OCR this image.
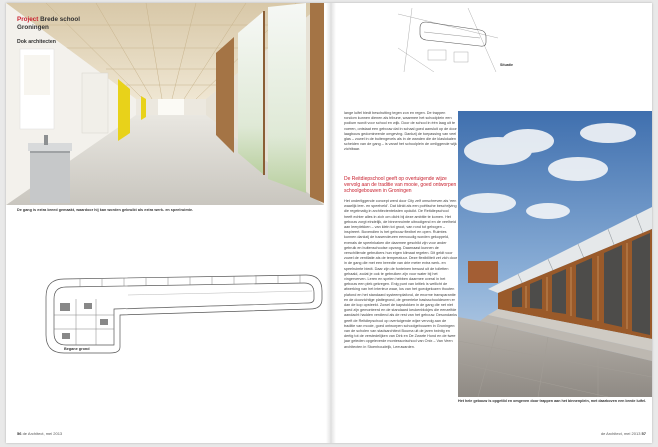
Project Brede school
Groningen
Dok architecten
De gang is extra breed gemaakt, waardoor hij kan worden gebruikt als extra werk- en speelruimte.
Begane grond
56 de Architect, mei 2013
Situatie

lange luifel biedt beschutting tegen zon en regen. De trappen rondom kunnen dienen als tribune, waarmee het schoolplein een podium wordt voor school en wijk. Door de school in één laag uit te voeren, ontstaat een gebouw dat in schaal goed aansluit op de door laagbouw gedomineerde omgeving. Dankzij de toepassing van veel glas – zowel in de buitengevels als in de wanden die de klaslokalen scheiden van de gang – is vanaf het schoolplein de omliggende wijk zichtbaar.

De Reitdiepschool geeft op overtuigende wijze vervolg aan de traditie van mooie, goed ontworpen schoolgebouwen in Groningen

Het onderliggende concept werd door City zelf omschreven als ‘een waarlijk leer- en speelveld’. Dat klinkt als een poëtische beschrijving die regelmatig in architectenteksten opduikt. De Reitdiepschool heeft echter alles in zich om dicht bij deze ambitie te komen. Het gebouw zorgt eindelijk, de binnenruimte uitnodigend en de veelheid aan leerplekken – van klein tot groot, van rond tot gebogen – inspireert. Bovendien is het gebouw flexibel en open. Ruimtes kunnen dankzij de tussendeuren eenvoudig worden gekoppeld, evenals de speelnkaken die daarmee geschikt zijn voor ander gebruik en buitenschoolse opvang. Daarnaast kunnen de verschillende gebruikers hun eigen klimaat regelen. Dit geldt voor zowel de ventilatie als de temperatuur. Deze flexibiliteit zet zich door in de gang die met een breedte van drie meter extra werk- en speelruimte biedt. Daar zijn de fonteinen bewust uit de toiletten gehaald, zodat je ook te gebruiken zijn voor water bij het vingerverven. Leren en spelen hebben daarmee overal in het gebouw een plek gekregen. Enig punt van kritiek is wellicht de afwerking van het interieur waar, los van het goedgekozen thouten plafond en het standaard systeemplafond, de enorme transparantie en de doorzichtige plattegrond, de generieke basisschooldeuren er dan de kop opsteekt. Zowel de kapstokken in de gang die net niet goed zijn gemonteerd en de standaard keukenblokjes die eenzelfde aandacht hadden verdiend als de rest van het gebouw. Desondanks geeft de Reitdiepschool op overtuigende wijze vervolg aan de traditie van mooie, goed ontworpen schoolgebouwen in Groningen: van de scholen van stadsarchitect Bouma uit de jaren twintig en dertig tot de verstedelijken van Dirk en De Zwarte Hond en de twee jaar geleden opgeleverde montessorischool van Onix – Van Veen architecten in Stoenhoudeijk, Leeuwarden.

Het hele gebouw is opgetild en omgeven door trappen aan het binnenplein, met daarboven een brede luifel.
de Architect, mei 2013 57
